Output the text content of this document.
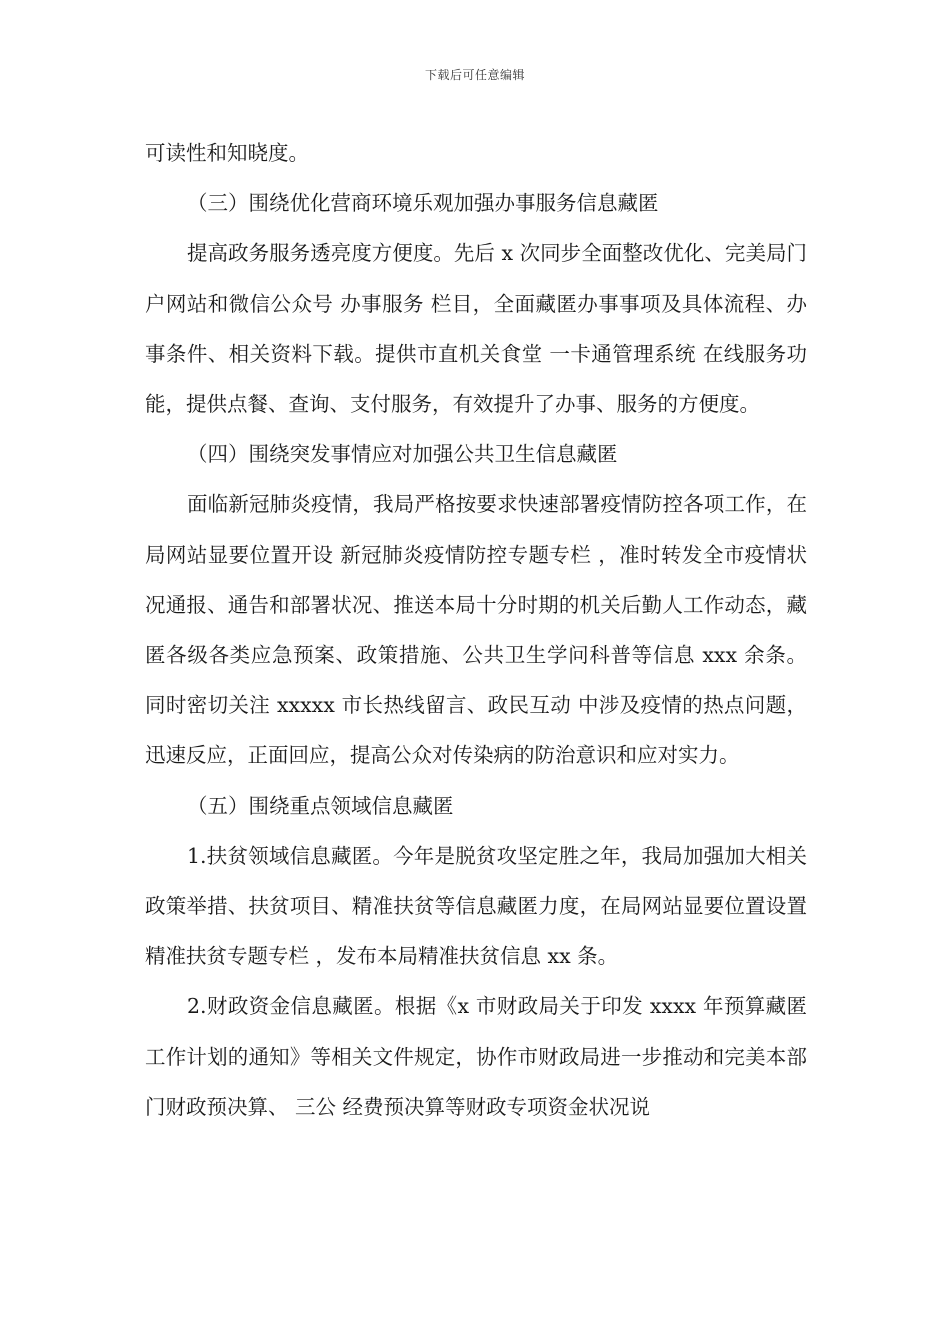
下载后可任意编辑

可读性和知晓度。

（三）围绕优化营商环境乐观加强办事服务信息藏匿

提高政务服务透亮度方便度。先后 x 次同步全面整改优化、完美局门户网站和微信公众号 办事服务 栏目，全面藏匿办事事项及具体流程、办事条件、相关资料下载。提供市直机关食堂 一卡通管理系统 在线服务功能，提供点餐、查询、支付服务，有效提升了办事、服务的方便度。

（四）围绕突发事情应对加强公共卫生信息藏匿

面临新冠肺炎疫情，我局严格按要求快速部署疫情防控各项工作，在局网站显要位置开设 新冠肺炎疫情防控专题专栏 ，准时转发全市疫情状况通报、通告和部署状况、推送本局十分时期的机关后勤人工作动态，藏匿各级各类应急预案、政策措施、公共卫生学问科普等信息 xxx 余条。同时密切关注 xxxxx 市长热线留言、政民互动 中涉及疫情的热点问题，迅速反应，正面回应，提高公众对传染病的防治意识和应对实力。

（五）围绕重点领域信息藏匿

1.扶贫领域信息藏匿。今年是脱贫攻坚定胜之年，我局加强加大相关政策举措、扶贫项目、精准扶贫等信息藏匿力度，在局网站显要位置设置 精准扶贫专题专栏 ，发布本局精准扶贫信息 xx 条。

2.财政资金信息藏匿。根据《x 市财政局关于印发 xxxx 年预算藏匿工作计划的通知》等相关文件规定，协作市财政局进一步推动和完美本部门财政预决算、 三公 经费预决算等财政专项资金状况说
